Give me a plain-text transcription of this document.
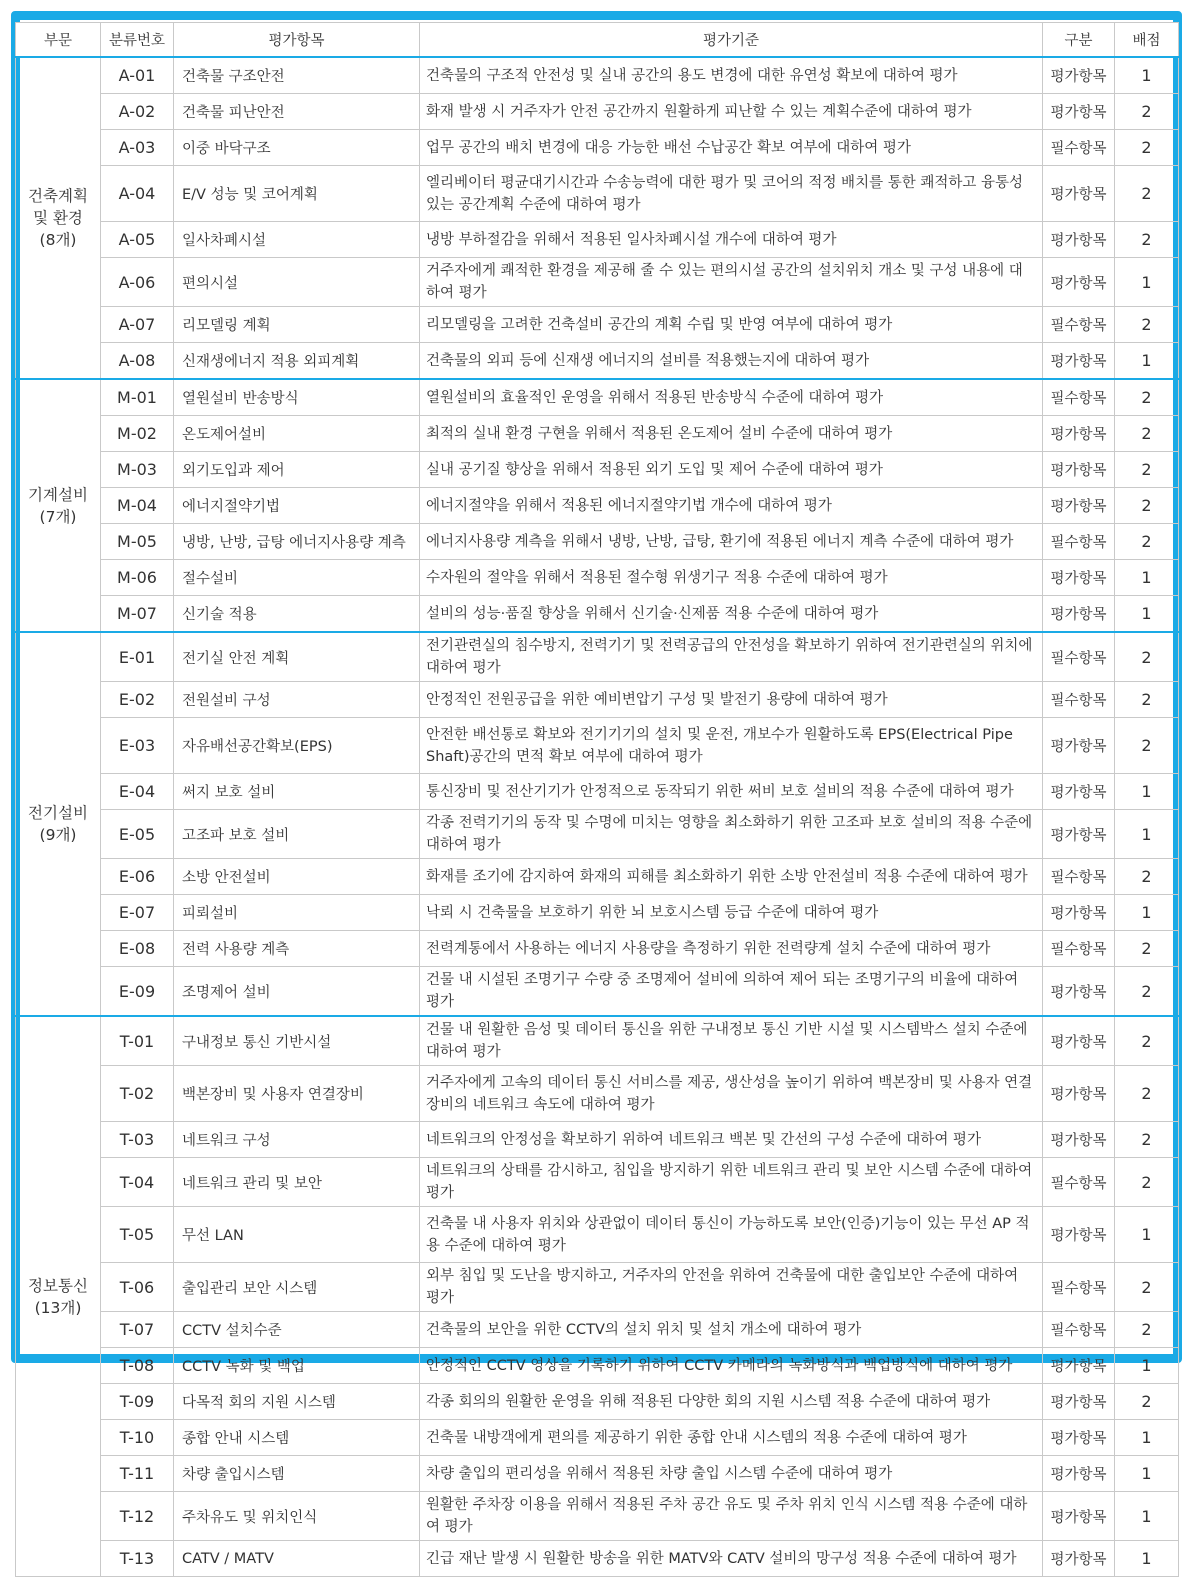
부문	분류번호	평가항목	평가기준	구분	배점

건축계획
및 환경
(8개)	A-01	건축물 구조안전	건축물의 구조적 안전성 및 실내 공간의 용도 변경에 대한 유연성 확보에 대하여 평가	평가항목	1
	A-02	건축물 피난안전	화재 발생 시 거주자가 안전 공간까지 원활하게 피난할 수 있는 계획수준에 대하여 평가	평가항목	2
	A-03	이중 바닥구조	업무 공간의 배치 변경에 대응 가능한 배선 수납공간 확보 여부에 대하여 평가	필수항목	2
	A-04	E/V 성능 및 코어계획	엘리베이터 평균대기시간과 수송능력에 대한 평가 및 코어의 적정 배치를 통한 쾌적하고 융통성 있는 공간계획 수준에 대하여 평가	평가항목	2
	A-05	일사차폐시설	냉방 부하절감을 위해서 적용된 일사차폐시설 개수에 대하여 평가	평가항목	2
	A-06	편의시설	거주자에게 쾌적한 환경을 제공해 줄 수 있는 편의시설 공간의 설치위치 개소 및 구성 내용에 대하여 평가	평가항목	1
	A-07	리모델링 계획	리모델링을 고려한 건축설비 공간의 계획 수립 및 반영 여부에 대하여 평가	필수항목	2
	A-08	신재생에너지 적용 외피계획	건축물의 외피 등에 신재생 에너지의 설비를 적용했는지에 대하여 평가	평가항목	1

기계설비
(7개)	M-01	열원설비 반송방식	열원설비의 효율적인 운영을 위해서 적용된 반송방식 수준에 대하여 평가	필수항목	2
	M-02	온도제어설비	최적의 실내 환경 구현을 위해서 적용된 온도제어 설비 수준에 대하여 평가	평가항목	2
	M-03	외기도입과 제어	실내 공기질 향상을 위해서 적용된 외기 도입 및 제어 수준에 대하여 평가	평가항목	2
	M-04	에너지절약기법	에너지절약을 위해서 적용된 에너지절약기법 개수에 대하여 평가	평가항목	2
	M-05	냉방, 난방, 급탕 에너지사용량 계측	에너지사용량 계측을 위해서 냉방, 난방, 급탕, 환기에 적용된 에너지 계측 수준에 대하여 평가	필수항목	2
	M-06	절수설비	수자원의 절약을 위해서 적용된 절수형 위생기구 적용 수준에 대하여 평가	평가항목	1
	M-07	신기술 적용	설비의 성능·품질 향상을 위해서 신기술·신제품 적용 수준에 대하여 평가	평가항목	1

전기설비
(9개)	E-01	전기실 안전 계획	전기관련실의 침수방지, 전력기기 및 전력공급의 안전성을 확보하기 위하여 전기관련실의 위치에 대하여 평가	필수항목	2
	E-02	전원설비 구성	안정적인 전원공급을 위한 예비변압기 구성 및 발전기 용량에 대하여 평가	필수항목	2
	E-03	자유배선공간확보(EPS)	안전한 배선통로 확보와 전기기기의 설치 및 운전, 개보수가 원활하도록 EPS(Electrical Pipe Shaft)공간의 면적 확보 여부에 대하여 평가	평가항목	2
	E-04	써지 보호 설비	통신장비 및 전산기기가 안정적으로 동작되기 위한 써비 보호 설비의 적용 수준에 대하여 평가	평가항목	1
	E-05	고조파 보호 설비	각종 전력기기의 동작 및 수명에 미치는 영향을 최소화하기 위한 고조파 보호 설비의 적용 수준에 대하여 평가	평가항목	1
	E-06	소방 안전설비	화재를 조기에 감지하여 화재의 피해를 최소화하기 위한 소방 안전설비 적용 수준에 대하여 평가	필수항목	2
	E-07	피뢰설비	낙뢰 시 건축물을 보호하기 위한 뇌 보호시스템 등급 수준에 대하여 평가	평가항목	1
	E-08	전력 사용량 계측	전력계통에서 사용하는 에너지 사용량을 측정하기 위한 전력량계 설치 수준에 대하여 평가	필수항목	2
	E-09	조명제어 설비	건물 내 시설된 조명기구 수량 중 조명제어 설비에 의하여 제어 되는 조명기구의 비율에 대하여 평가	평가항목	2

정보통신
(13개)	T-01	구내정보 통신 기반시설	건물 내 원활한 음성 및 데이터 통신을 위한 구내정보 통신 기반 시설 및 시스템박스 설치 수준에 대하여 평가	평가항목	2
	T-02	백본장비 및 사용자 연결장비	거주자에게 고속의 데이터 통신 서비스를 제공, 생산성을 높이기 위하여 백본장비 및 사용자 연결 장비의 네트워크 속도에 대하여 평가	평가항목	2
	T-03	네트워크 구성	네트워크의 안정성을 확보하기 위하여 네트워크 백본 및 간선의 구성 수준에 대하여 평가	평가항목	2
	T-04	네트워크 관리 및 보안	네트워크의 상태를 감시하고, 침입을 방지하기 위한 네트워크 관리 및 보안 시스템 수준에 대하여 평가	필수항목	2
	T-05	무선 LAN	건축물 내 사용자 위치와 상관없이 데이터 통신이 가능하도록 보안(인증)기능이 있는 무선 AP 적용 수준에 대하여 평가	평가항목	1
	T-06	출입관리 보안 시스템	외부 침입 및 도난을 방지하고, 거주자의 안전을 위하여 건축물에 대한 출입보안 수준에 대하여 평가	필수항목	2
	T-07	CCTV 설치수준	건축물의 보안을 위한 CCTV의 설치 위치 및 설치 개소에 대하여 평가	필수항목	2
	T-08	CCTV 녹화 및 백업	안정적인 CCTV 영상을 기록하기 위하여 CCTV 카메라의 녹화방식과 백업방식에 대하여 평가	평가항목	1
	T-09	다목적 회의 지원 시스템	각종 회의의 원활한 운영을 위해 적용된 다양한 회의 지원 시스템 적용 수준에 대하여 평가	평가항목	2
	T-10	종합 안내 시스템	건축물 내방객에게 편의를 제공하기 위한 종합 안내 시스템의 적용 수준에 대하여 평가	평가항목	1
	T-11	차량 출입시스템	차량 출입의 편리성을 위해서 적용된 차량 출입 시스템 수준에 대하여 평가	평가항목	1
	T-12	주차유도 및 위치인식	원활한 주차장 이용을 위해서 적용된 주차 공간 유도 및 주차 위치 인식 시스템 적용 수준에 대하여 평가	평가항목	1
	T-13	CATV / MATV	긴급 재난 발생 시 원활한 방송을 위한 MATV와 CATV 설비의 망구성 적용 수준에 대하여 평가	평가항목	1
